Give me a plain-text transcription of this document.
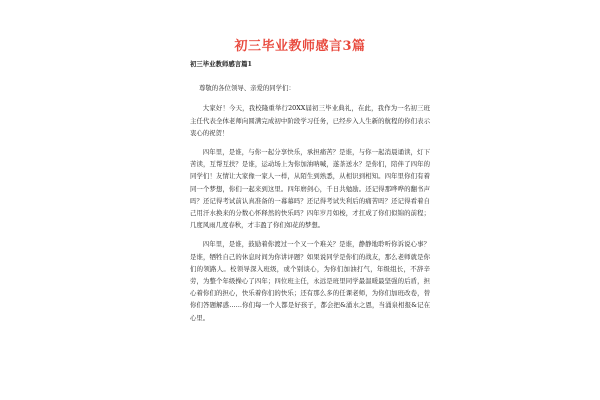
初三毕业教师感言3篇

初三毕业教师感言篇1

尊敬的各位领导、亲爱的同学们：

大家好！今天，我校隆重举行20XX届初三毕业典礼，在此，我作为一名初三班主任代表全体老师向圆满完成初中阶段学习任务，已经步入人生新的航程的你们表示衷心的祝贺！

四年里，是谁，与你一起分享快乐，承担痛苦？是谁，与你一起消晨诵读，灯下苦读，互帮互扶？是谁，运动场上为你加油呐喊，遂茶送水？是你们，陪伴了四年的同学们！友情让大家像一家人一样，从陌生到熟悉，从相识到相知。四年里你们有着同一个梦想，你们一起来到这里。四年磨剑心，千日共勉励。还记得那哗哗的翻书声吗？还记得考试前认真准备的一幕幕吗？还记得考试失利后的痛苦吗？还记得看着自己用汗水换来的分数心怀释然的快乐吗？四年岁月如梭，才扛成了你们似锦的前程；几度风雨几度春秋，才丰盈了你们如花的梦想。

四年里，是谁，鼓励着你渡过一个又一个难关？是谁，静静地聆听你诉说心事？是谁，牺牲自己的休息时间为你讲评题？如果说同学是你们的战友，那么老师就是你们的领路人。校领导深入班级，或个别谈心，为你们加油打气，年级组长，不辞辛劳，为整个年级操心了四年；四位班主任，永远是班里同学最温暖最坚强的后盾，担心着你们的担心，快乐着你们的快乐；还有那么多的任课老师，为你们加班改卷，替你们答题解惑……你们每一个人都是好孩子，都会把&涌水之恩，当涌泉相报&记在心里。
